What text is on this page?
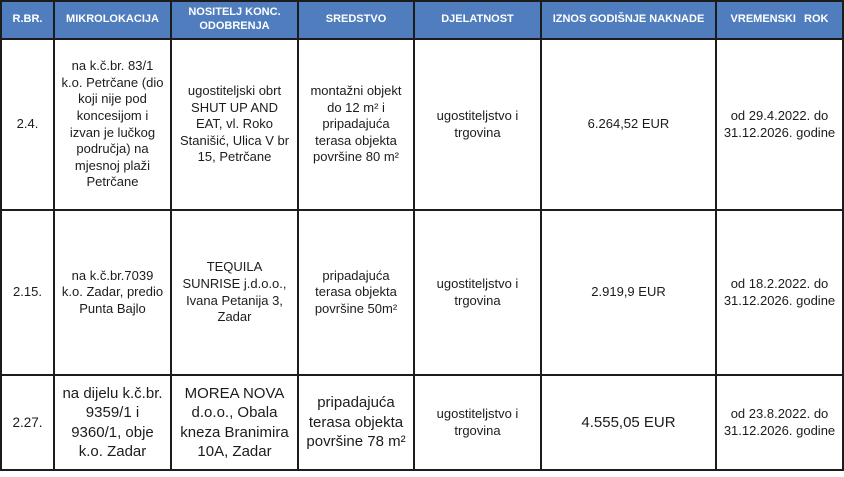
R.BR.	MIKROLOKACIJA	NOSITELJ KONC. ODOBRENJA	SREDSTVO	DJELATNOST	IZNOS GODIŠNJE NAKNADE	VREMENSKI ROK
2.4.	na k.č.br. 83/1 k.o. Petrčane (dio koji nije pod koncesijom i izvan je lučkog područja) na mjesnoj plaži Petrčane	ugostiteljski obrt SHUT UP AND EAT, vl. Roko Stanišić, Ulica V br 15, Petrčane	montažni objekt do 12 m² i pripadajuća terasa objekta površine 80 m²	ugostiteljstvo i trgovina	6.264,52 EUR	od 29.4.2022. do 31.12.2026. godine
2.15.	na k.č.br.7039 k.o. Zadar, predio Punta Bajlo	TEQUILA SUNRISE j.d.o.o., Ivana Petanija 3, Zadar	pripadajuća terasa objekta površine 50m²	ugostiteljstvo i trgovina	2.919,9 EUR	od 18.2.2022. do 31.12.2026. godine
2.27.	na dijelu k.č.br. 9359/1 i 9360/1, obje k.o. Zadar	MOREA NOVA d.o.o., Obala kneza Branimira 10A, Zadar	pripadajuća terasa objekta površine 78 m²	ugostiteljstvo i trgovina	4.555,05 EUR	od 23.8.2022. do 31.12.2026. godine
